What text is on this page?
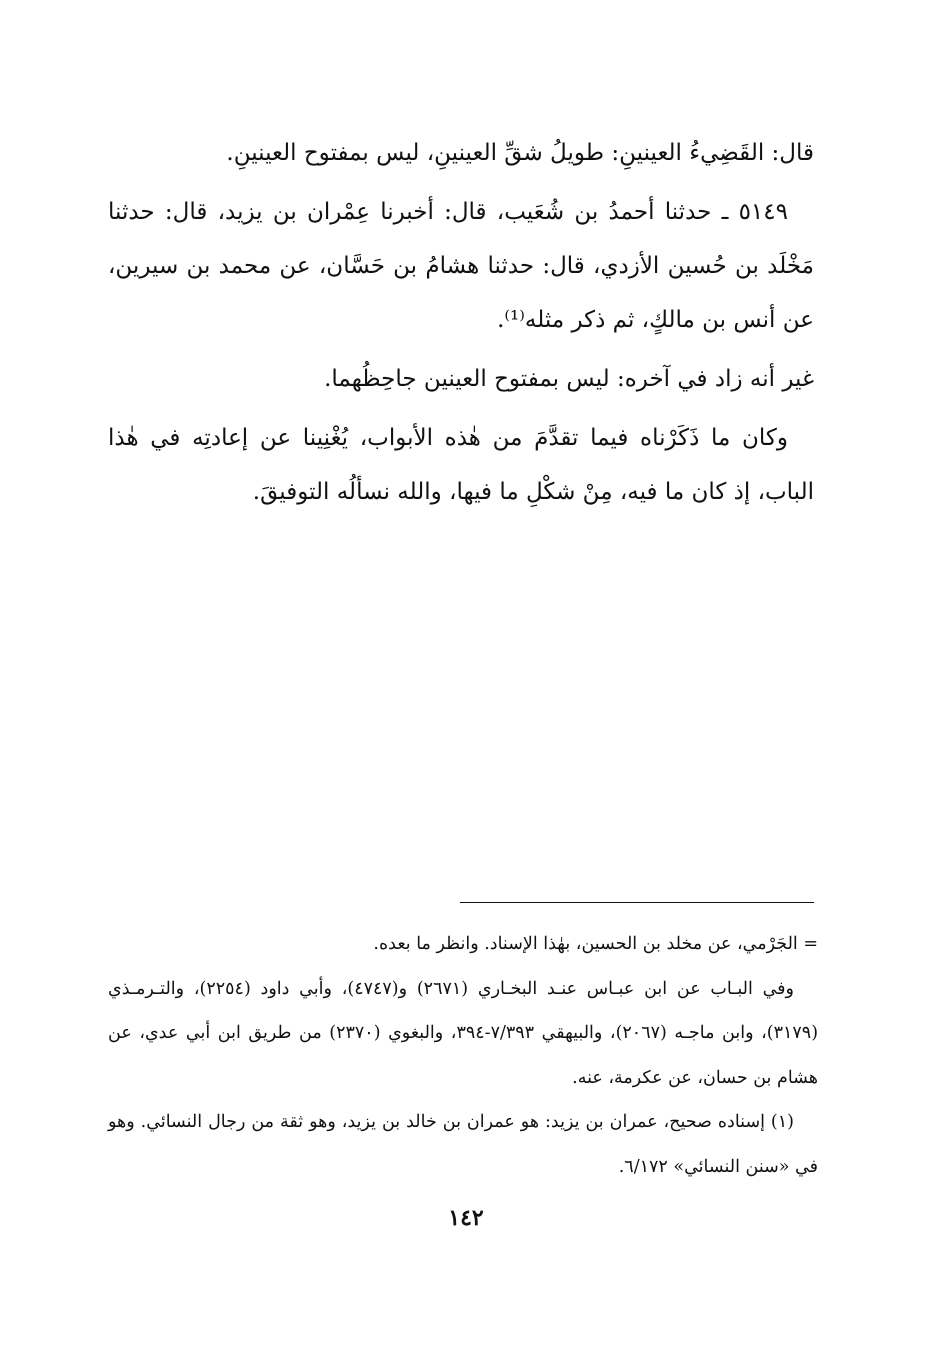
قال: القَضِيءُ العينينِ: طويلُ شقِّ العينينِ، ليس بمفتوح العينينِ.

٥١٤٩ ـ حدثنا أحمدُ بن شُعَيب، قال: أخبرنا عِمْران بن يزيد، قال: حدثنا مَخْلَد بن حُسين الأزدي، قال: حدثنا هشامُ بن حَسَّان، عن محمد بن سيرين، عن أنس بن مالكٍ، ثم ذكر مثله⁽¹⁾.

غير أنه زاد في آخره: ليس بمفتوح العينين جاحِظُهما.

وكان ما ذَكَرْناه فيما تقدَّمَ من هٰذه الأبواب، يُغْنِينا عن إعادتِه في هٰذا الباب، إذ كان ما فيه، مِنْ شكْلِ ما فيها، والله نسألُه التوفيقَ.

= الجَرْمي، عن مخلد بن الحسين، بهٰذا الإسناد. وانظر ما بعده.

وفي البـاب عن ابن عبـاس عنـد البخـاري (٢٦٧١) و(٤٧٤٧)، وأبي داود (٢٢٥٤)، والتـرمـذي (٣١٧٩)، وابن ماجـه (٢٠٦٧)، والبيهقي ٧/٣٩٣-٣٩٤، والبغوي (٢٣٧٠) من طريق ابن أبي عدي، عن هشام بن حسان، عن عكرمة، عنه.

(١) إسناده صحيح، عمران بن يزيد: هو عمران بن خالد بن يزيد، وهو ثقة من رجال النسائي. وهو في «سنن النسائي» ٦/١٧٢.

١٤٢
